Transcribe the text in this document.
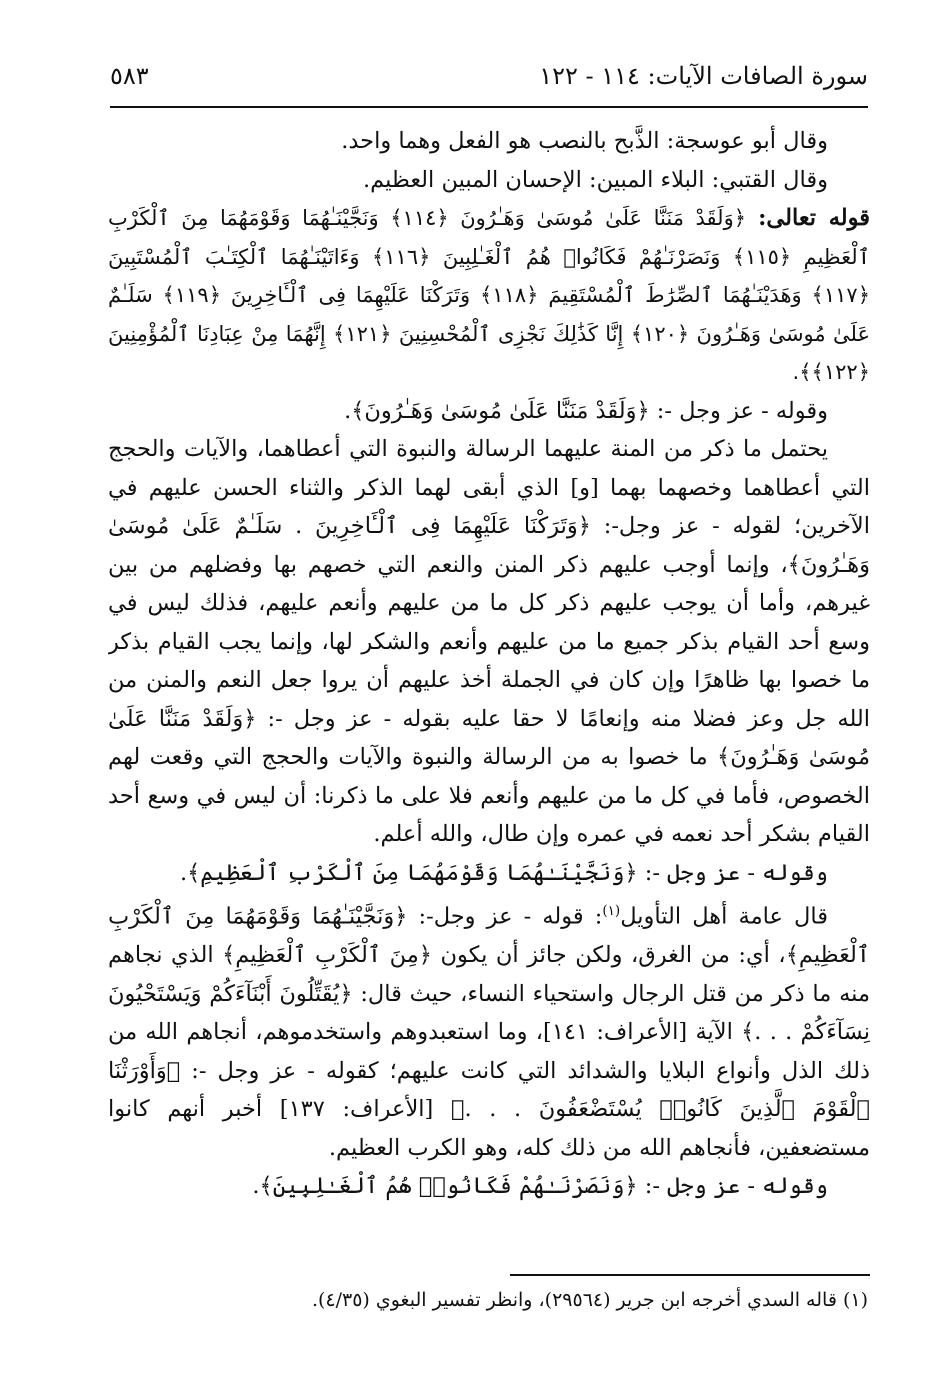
سورة الصافات الآيات: ١١٤ - ١٢٢
٥٨٣

وقال أبو عوسجة: الذَّبح بالنصب هو الفعل وهما واحد.

وقال القتبي: البلاء المبين: الإحسان المبين العظيم.

قوله تعالى: ﴿وَلَقَدْ مَنَنَّا عَلَىٰ مُوسَىٰ وَهَـٰرُونَ ﴿١١٤﴾ وَنَجَّيْنَـٰهُمَا وَقَوْمَهُمَا مِنَ ٱلْكَرْبِ ٱلْعَظِيمِ ﴿١١٥﴾ وَنَصَرْنَـٰهُمْ فَكَانُوا۟ هُمُ ٱلْغَـٰلِبِينَ ﴿١١٦﴾ وَءَاتَيْنَـٰهُمَا ٱلْكِتَـٰبَ ٱلْمُسْتَبِينَ ﴿١١٧﴾ وَهَدَيْنَـٰهُمَا ٱلصِّرَٰطَ ٱلْمُسْتَقِيمَ ﴿١١٨﴾ وَتَرَكْنَا عَلَيْهِمَا فِى ٱلْـَٔاخِرِينَ ﴿١١٩﴾ سَلَـٰمٌ عَلَىٰ مُوسَىٰ وَهَـٰرُونَ ﴿١٢٠﴾ إِنَّا كَذَٰلِكَ نَجْزِى ٱلْمُحْسِنِينَ ﴿١٢١﴾ إِنَّهُمَا مِنْ عِبَادِنَا ٱلْمُؤْمِنِينَ ﴿١٢٢﴾﴾.

وقوله - عز وجل -: ﴿وَلَقَدْ مَنَنَّا عَلَىٰ مُوسَىٰ وَهَـٰرُونَ﴾.

يحتمل ما ذكر من المنة عليهما الرسالة والنبوة التي أعطاهما، والآيات والحجج التي أعطاهما وخصهما بهما [و] الذي أبقى لهما الذكر والثناء الحسن عليهم في الآخرين؛ لقوله - عز وجل-: ﴿وَتَرَكْنَا عَلَيْهِمَا فِى ٱلْـَٔاخِرِينَ . سَلَـٰمٌ عَلَىٰ مُوسَىٰ وَهَـٰرُونَ﴾، وإنما أوجب عليهم ذكر المنن والنعم التي خصهم بها وفضلهم من بين غيرهم، وأما أن يوجب عليهم ذكر كل ما من عليهم وأنعم عليهم، فذلك ليس في وسع أحد القيام بذكر جميع ما من عليهم وأنعم والشكر لها، وإنما يجب القيام بذكر ما خصوا بها ظاهرًا وإن كان في الجملة أخذ عليهم أن يروا جعل النعم والمنن من الله جل وعز فضلا منه وإنعامًا لا حقا عليه بقوله - عز وجل -: ﴿وَلَقَدْ مَنَنَّا عَلَىٰ مُوسَىٰ وَهَـٰرُونَ﴾ ما خصوا به من الرسالة والنبوة والآيات والحجج التي وقعت لهم الخصوص، فأما في كل ما من عليهم وأنعم فلا على ما ذكرنا: أن ليس في وسع أحد القيام بشكر أحد نعمه في عمره وإن طال، والله أعلم.

وقوله - عز وجل -: ﴿وَنَجَّيْنَـٰهُمَا وَقَوْمَهُمَا مِنَ ٱلْكَرْبِ ٱلْعَظِيمِ﴾.

قال عامة أهل التأويل$^{(١)}$: قوله - عز وجل-: ﴿وَنَجَّيْنَـٰهُمَا وَقَوْمَهُمَا مِنَ ٱلْكَرْبِ ٱلْعَظِيمِ﴾، أي: من الغرق، ولكن جائز أن يكون ﴿مِنَ ٱلْكَرْبِ ٱلْعَظِيمِ﴾ الذي نجاهم منه ما ذكر من قتل الرجال واستحياء النساء، حيث قال: ﴿يُقَتِّلُونَ أَبْنَآءَكُمْ وَيَسْتَحْيُونَ نِسَآءَكُمْ . . .﴾ الآية [الأعراف: ١٤١]، وما استعبدوهم واستخدموهم، أنجاهم الله من ذلك الذل وأنواع البلايا والشدائد التي كانت عليهم؛ كقوله - عز وجل -: ﴿وَأَوْرَثْنَا ٱلْقَوْمَ ٱلَّذِينَ كَانُوا۟ يُسْتَضْعَفُونَ . . .﴾ [الأعراف: ١٣٧] أخبر أنهم كانوا مستضعفين، فأنجاهم الله من ذلك كله، وهو الكرب العظيم.

وقوله - عز وجل -: ﴿وَنَصَرْنَـٰهُمْ فَكَانُوا۟ هُمُ ٱلْغَـٰلِبِينَ﴾.

(١) قاله السدي أخرجه ابن جرير (٢٩٥٦٤)، وانظر تفسير البغوي (٤/٣٥).
